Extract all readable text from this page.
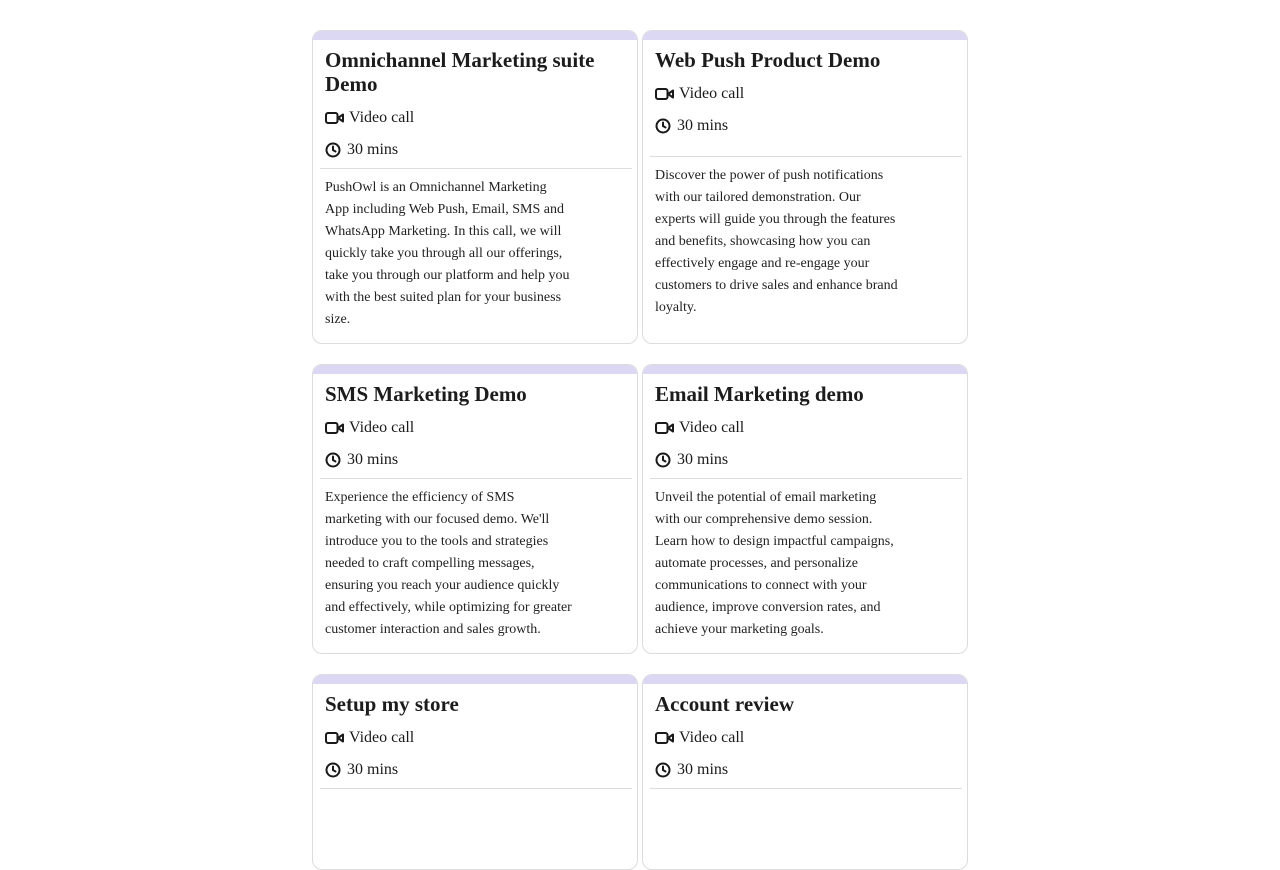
Omnichannel Marketing suite Demo
Video call
30 mins

PushOwl is an Omnichannel Marketing App including Web Push, Email, SMS and WhatsApp Marketing. In this call, we will quickly take you through all our offerings, take you through our platform and help you with the best suited plan for your business size.

Web Push Product Demo
Video call
30 mins

Discover the power of push notifications with our tailored demonstration. Our experts will guide you through the features and benefits, showcasing how you can effectively engage and re-engage your customers to drive sales and enhance brand loyalty.

SMS Marketing Demo
Video call
30 mins

Experience the efficiency of SMS marketing with our focused demo. We'll introduce you to the tools and strategies needed to craft compelling messages, ensuring you reach your audience quickly and effectively, while optimizing for greater customer interaction and sales growth.

Email Marketing demo
Video call
30 mins

Unveil the potential of email marketing with our comprehensive demo session. Learn how to design impactful campaigns, automate processes, and personalize communications to connect with your audience, improve conversion rates, and achieve your marketing goals.

Setup my store
Video call
30 mins

Account review
Video call
30 mins
